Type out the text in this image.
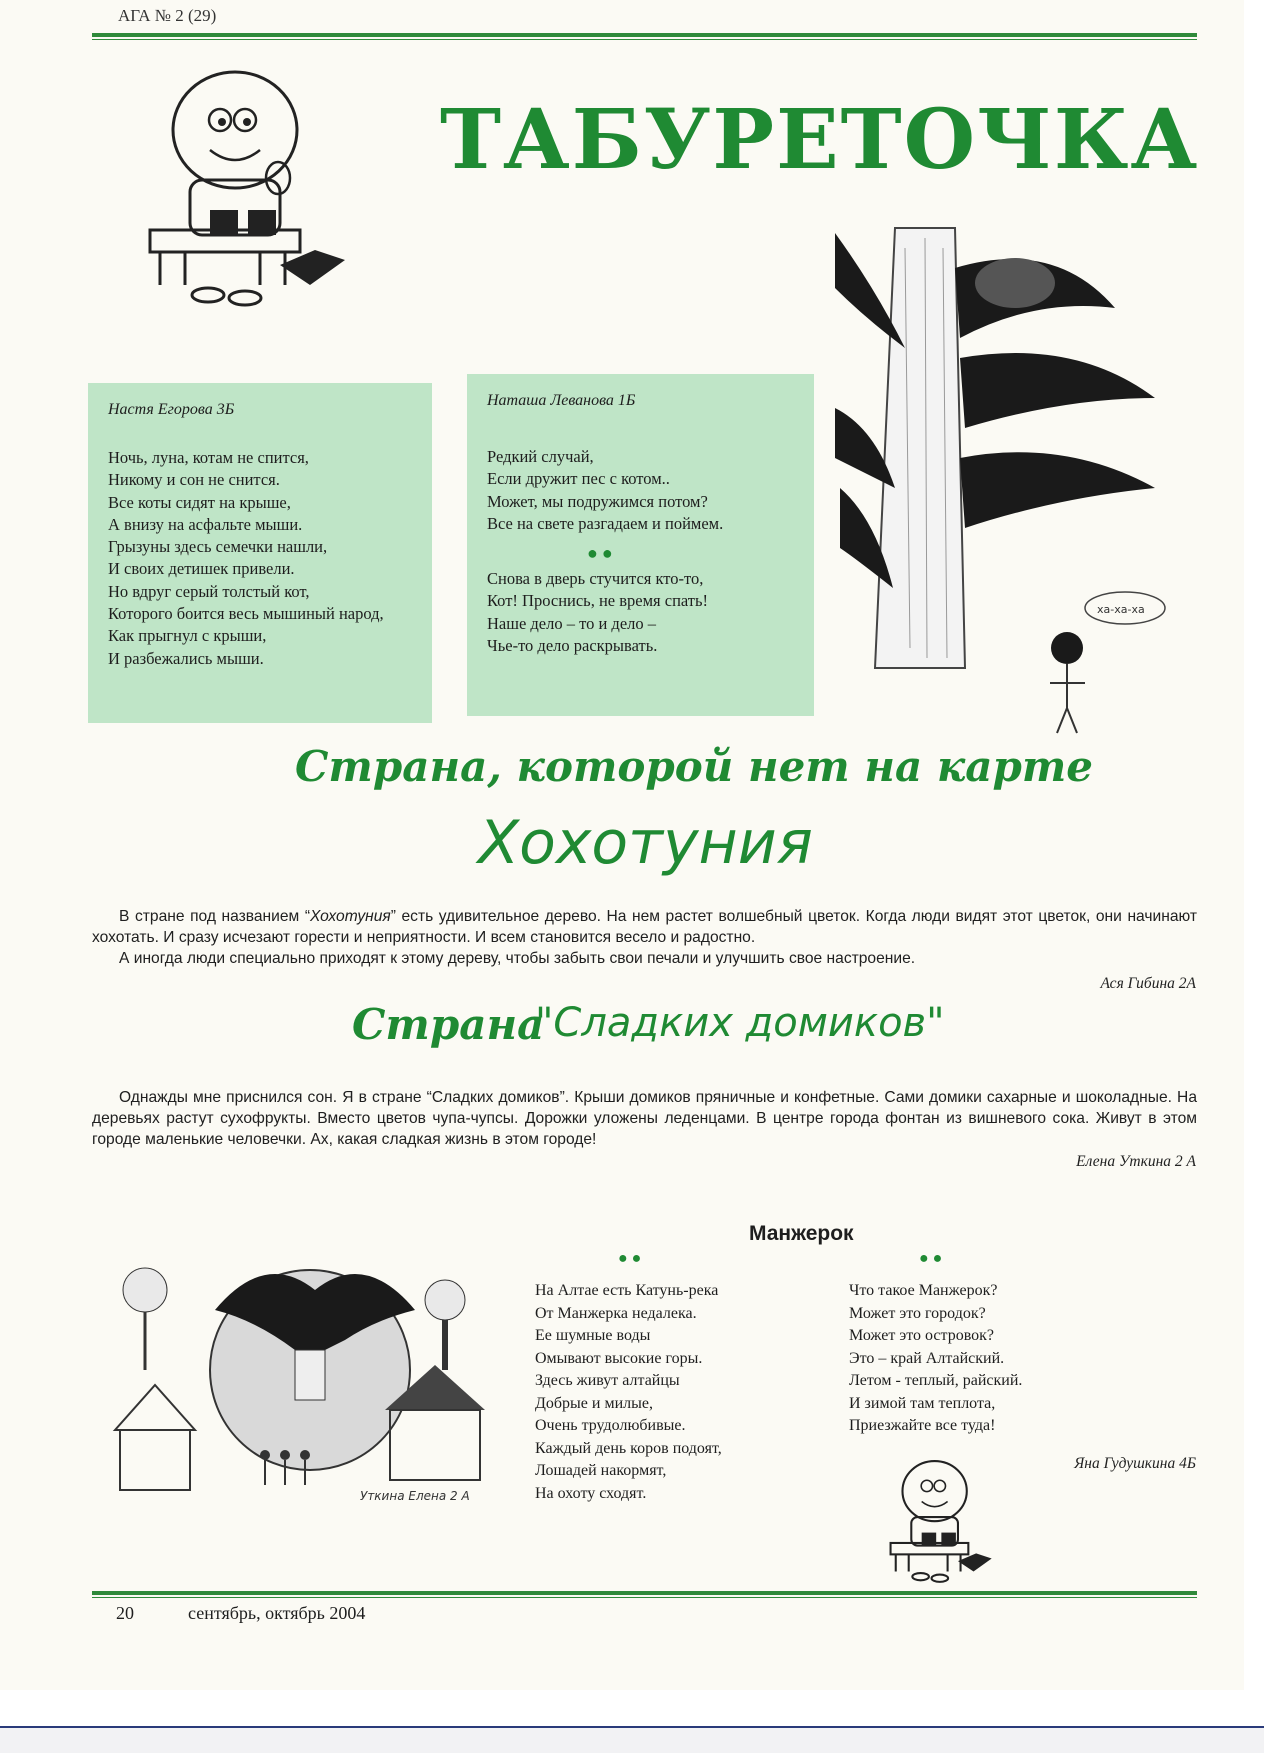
АГА № 2 (29)
ТАБУРЕТОЧКА
ха-ха-ха
Настя Егорова 3Б
Ночь, луна, котам не спится,
Никому и сон не снится.
Все коты сидят на крыше,
А внизу на асфальте мыши.
Грызуны здесь семечки нашли,
И своих детишек привели.
Но вдруг серый толстый кот,
Которого боится весь мышиный народ,
Как прыгнул с крыши,
И разбежались мыши.
Наташа Леванова 1Б
Редкий случай,
Если дружит пес с котом..
Может, мы подружимся потом?
Все на свете разгадаем и поймем.
●●
Снова в дверь стучится кто-то,
Кот! Проснись, не время спать!
Наше дело – то и дело –
Чье-то дело раскрывать.
Страна, которой нет на карте
Хохотуния

В стране под названием “Хохотуния” есть удивительное дерево. На нем растет волшебный цветок. Когда люди видят этот цветок, они начинают хохотать. И сразу исчезают горести и неприятности. И всем становится весело и радостно.

А иногда люди специально приходят к этому дереву, чтобы забыть свои печали и улучшить свое настроение.

Ася Гибина 2А
Страна
"Сладких домиков"

Однажды мне приснился сон. Я в стране “Сладких домиков”. Крыши домиков пряничные и конфетные. Сами домики сахарные и шоколадные. На деревьях растут сухофрукты. Вместо цветов чупа-чупсы. Дорожки уложены леденцами. В центре города фонтан из вишневого сока. Живут в этом городе маленькие человечки. Ах, какая сладкая жизнь в этом городе!

Елена Уткина 2 А
Уткина Елена 2 А
Манжерок
●●	●●
На Алтае есть Катунь-река
От Манжерка недалека.
Ее шумные воды
Омывают высокие горы.
Здесь живут алтайцы
Добрые и милые,
Очень трудолюбивые.
Каждый день коров подоят,
Лошадей накормят,
На охоту сходят.
Что такое Манжерок?
Может это городок?
Может это островок?
Это – край Алтайский.
Летом - теплый, райский.
И зимой там теплота,
Приезжайте все туда!
Яна Гудушкина 4Б
20	сентябрь, октябрь 2004
